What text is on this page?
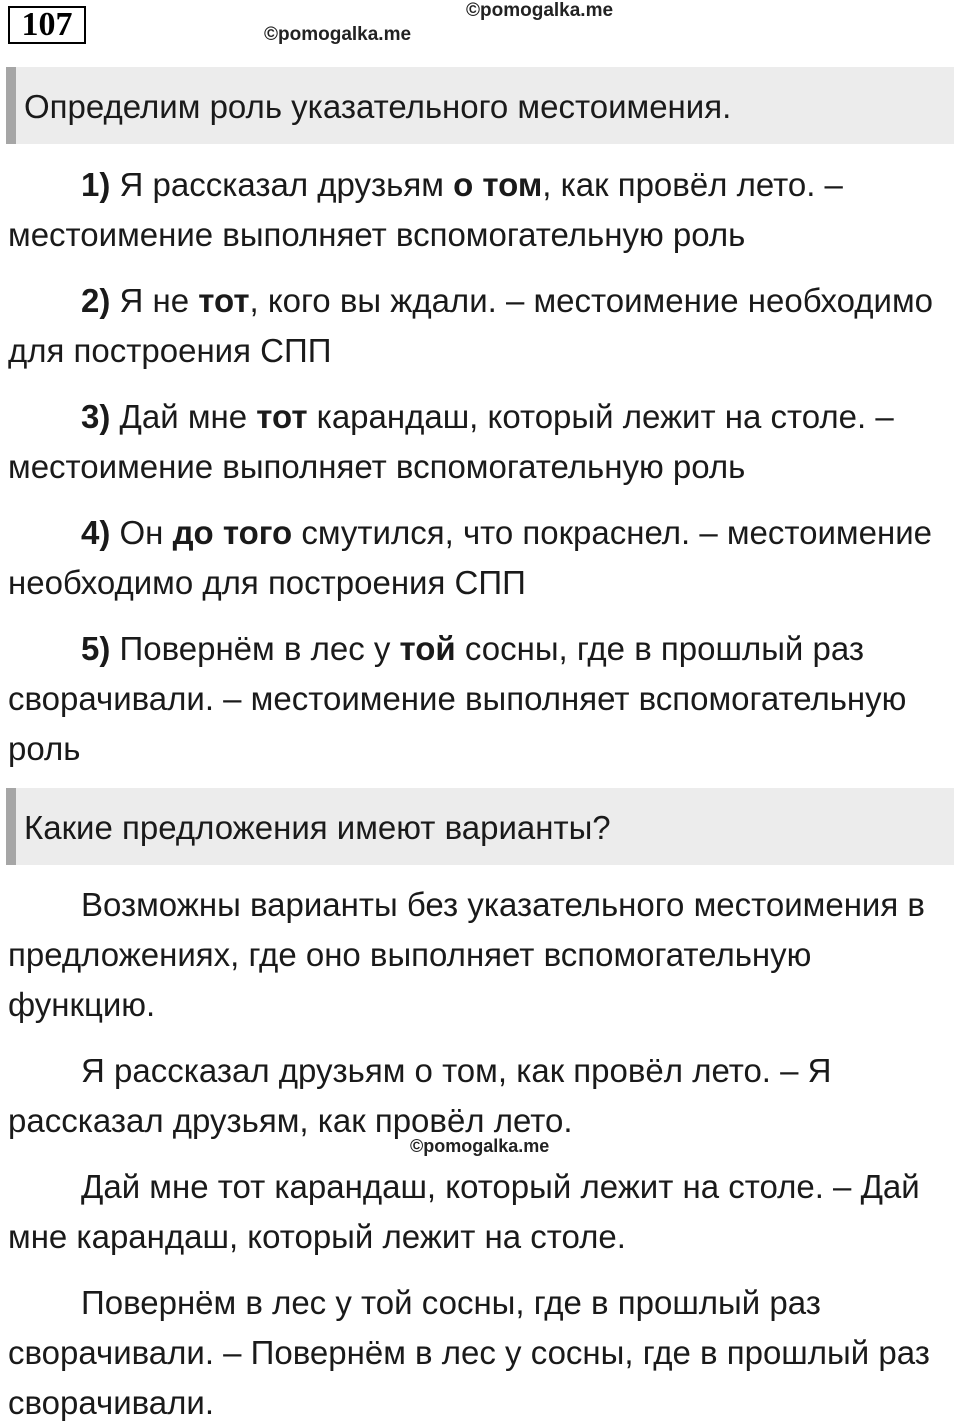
107	©pomogalka.me
©pomogalka.me
Определим роль указательного местоимения.

1) Я рассказал друзьям о том, как провёл лето. – местоимение выполняет вспомогательную роль

2) Я не тот, кого вы ждали. – местоимение необходимо для построения СПП

3) Дай мне тот карандаш, который лежит на столе. – местоимение выполняет вспомогательную роль

4) Он до того смутился, что покраснел. – местоимение необходимо для построения СПП

5) Повернём в лес у той сосны, где в прошлый раз сворачивали. – местоимение выполняет вспомогательную роль

Какие предложения имеют варианты?

Возможны варианты без указательного местоимения в предложениях, где оно выполняет вспомогательную функцию.

Я рассказал друзьям о том, как провёл лето. – Я рассказал друзьям, как провёл лето.

©pomogalka.me

Дай мне тот карандаш, который лежит на столе. – Дай мне карандаш, который лежит на столе.

Повернём в лес у той сосны, где в прошлый раз сворачивали. – Повернём в лес у сосны, где в прошлый раз сворачивали.
